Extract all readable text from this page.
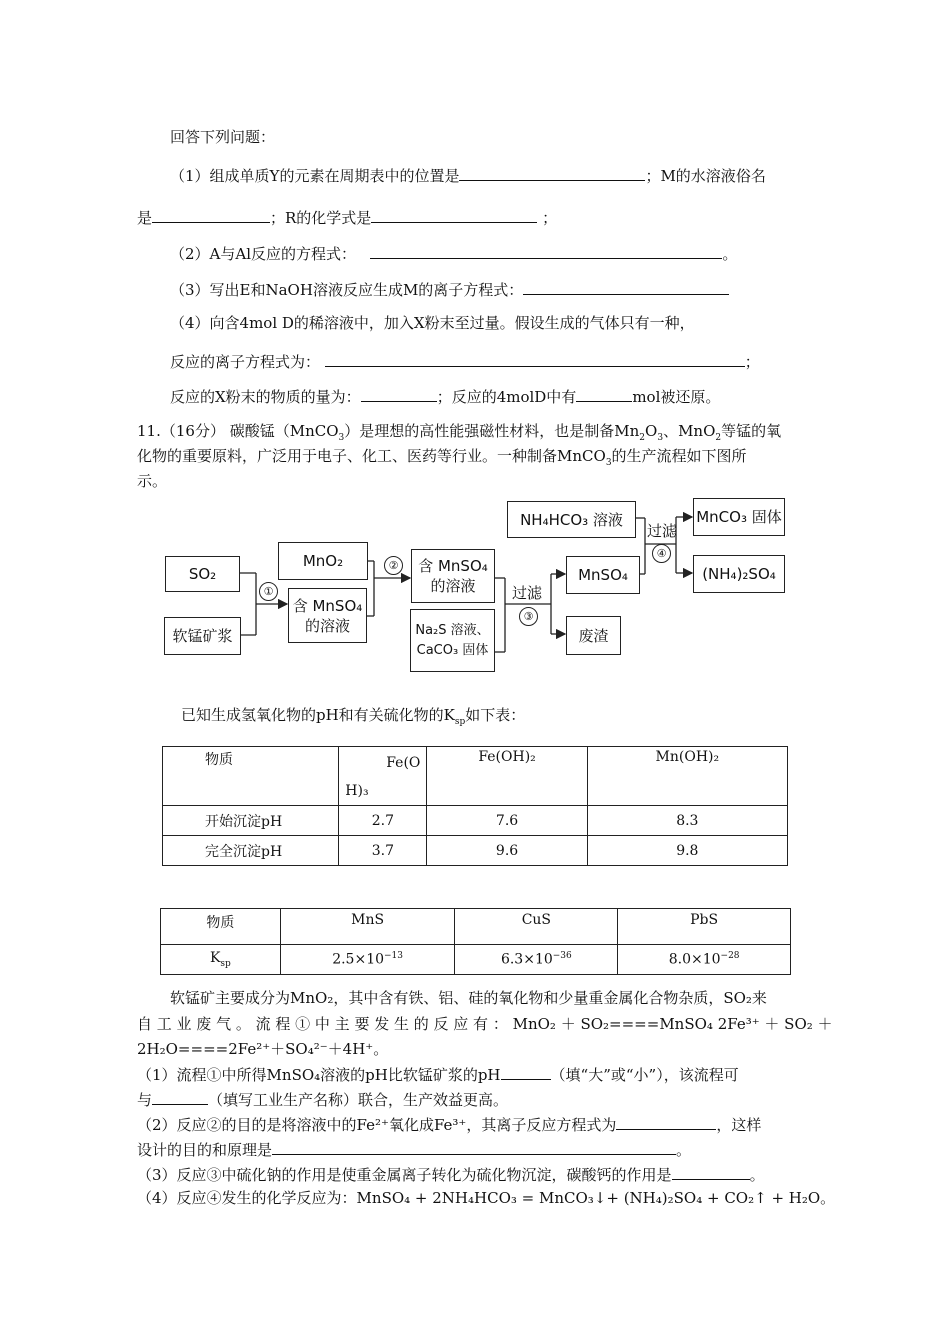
回答下列问题：
（1）组成单质Y的元素在周期表中的位置是	；M的水溶液俗名
是	；R的化学式是	；
（2）A与Al反应的方程式：	。
（3）写出E和NaOH溶液反应生成M的离子方程式：
（4）向含4mol D的稀溶液中，加入X粉末至过量。假设生成的气体只有一种，
反应的离子方程式为：	；
反应的X粉末的物质的量为：	；反应的4molD中有	mol被还原。
11.（16分） 碳酸锰（MnCO$_3$）是理想的高性能强磁性材料，也是制备$Mn_2O_3$、MnO$_2$等锰的氧
化物的重要原料，广泛用于电子、化工、医药等行业。一种制备MnCO$_3$的生产流程如下图所
示。
SO₂
软锰矿浆
①
MnO₂
含 MnSO₄
的溶液
②	含 MnSO₄
的溶液
Na₂S 溶液、
CaCO₃ 固体
过滤
③
NH₄HCO₃ 溶液
MnSO₄
废渣
过滤
④
MnCO₃ 固体
(NH₄)₂SO₄
已知生成氢氧化物的pH和有关硫化物的$K_{sp}$如下表：
物质	Fe(O
H)₃	Fe(OH)₂	Mn(OH)₂
开始沉淀pH	2.7	7.6	8.3
完全沉淀pH	3.7	9.6	9.8
物质	MnS	CuS	PbS
$K_{sp}$	$2.5\times 10^{-13}$	$6.3\times 10^{-36}$	$8.0\times 10^{-28}$
软锰矿主要成分为MnO₂，其中含有铁、铝、硅的氧化物和少量重金属化合物杂质，SO₂来
自 工 业 废 气 。 流 程 ① 中 主 要 发 生 的 反 应 有 ： MnO₂ ＋ SO₂====MnSO₄ 2Fe³⁺ ＋ SO₂ ＋
2H₂O====2Fe²⁺＋SO₄²⁻＋4H⁺。
（1）流程①中所得MnSO₄溶液的pH比软锰矿浆的pH	（填“大”或“小”），该流程可
与	（填写工业生产名称）联合，生产效益更高。
（2）反应②的目的是将溶液中的Fe²⁺氧化成Fe³⁺，其离子反应方程式为	，这样
设计的目的和原理是	。
（3）反应③中硫化钠的作用是使重金属离子转化为硫化物沉淀，碳酸钙的作用是	。
（4）反应④发生的化学反应为：MnSO₄ + 2NH₄HCO₃ = MnCO₃↓+ (NH₄)₂SO₄ + CO₂↑ + H₂O。
